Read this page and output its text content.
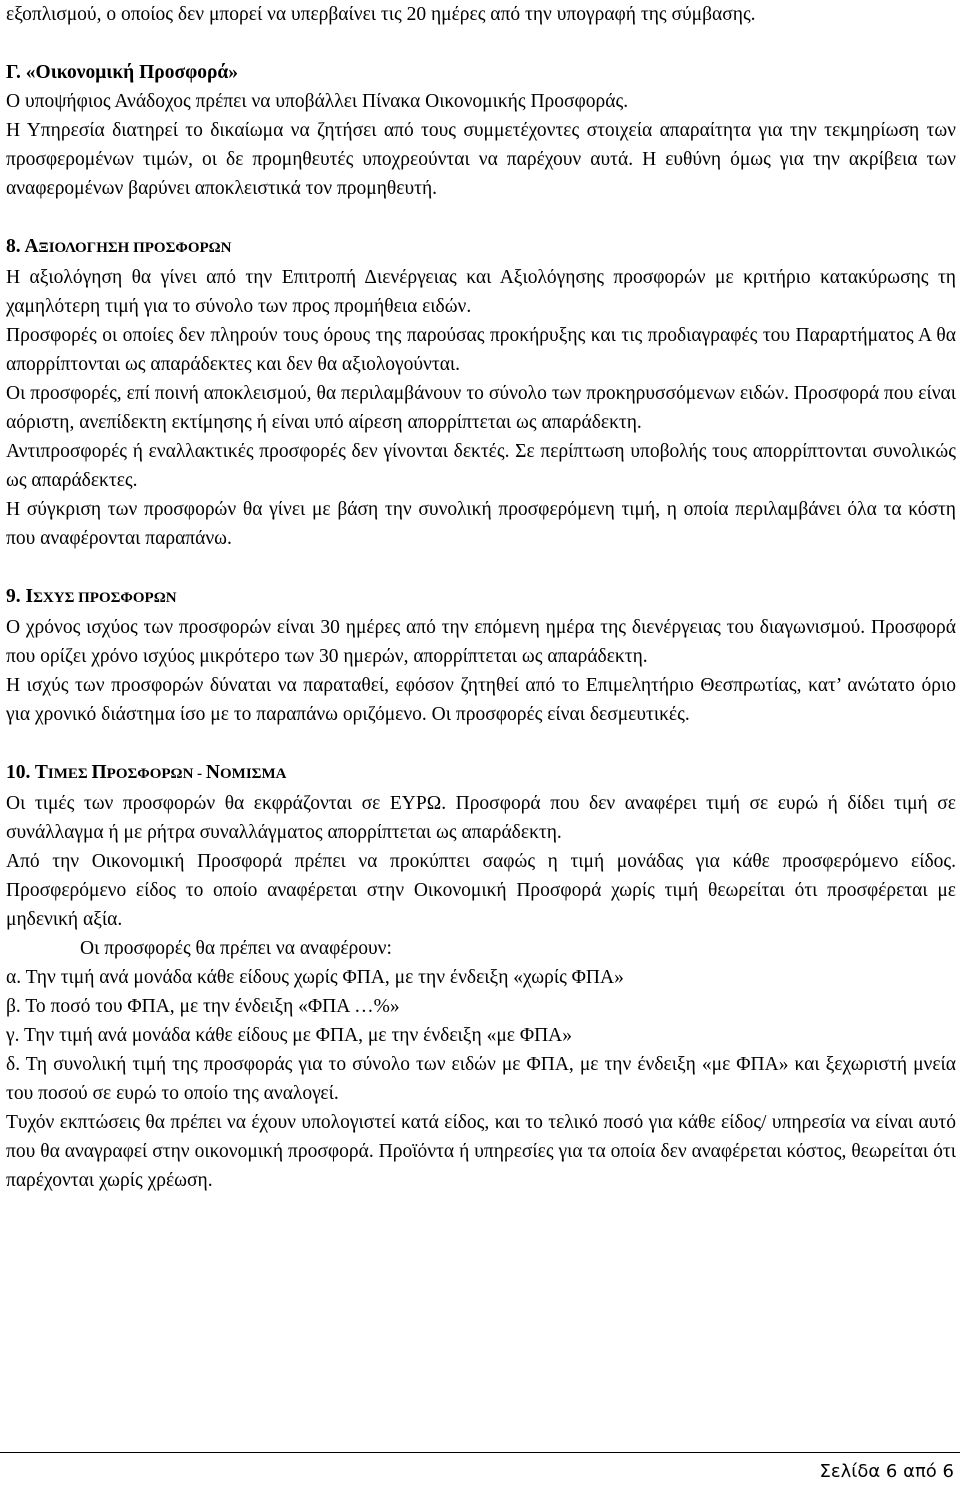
εξοπλισμού, ο οποίος δεν μπορεί να υπερβαίνει τις 20 ημέρες από την υπογραφή της σύμβασης.

Γ. «Οικονομική Προσφορά»

Ο υποψήφιος Ανάδοχος πρέπει να υποβάλλει Πίνακα Οικονομικής Προσφοράς.

Η Υπηρεσία διατηρεί το δικαίωμα να ζητήσει από τους συμμετέχοντες στοιχεία απαραίτητα για την τεκμηρίωση των προσφερομένων τιμών, οι δε προμηθευτές υποχρεούνται να παρέχουν αυτά. Η ευθύνη όμως για την ακρίβεια των αναφερομένων βαρύνει αποκλειστικά τον προμηθευτή.

8. ΑΞΙΟΛΟΓΗΣΗ ΠΡΟΣΦΟΡΩΝ

Η αξιολόγηση θα γίνει από την Επιτροπή Διενέργειας και Αξιολόγησης προσφορών με κριτήριο κατακύρωσης τη χαμηλότερη τιμή για το σύνολο των προς προμήθεια ειδών.

Προσφορές οι οποίες δεν πληρούν τους όρους της παρούσας προκήρυξης και τις προδιαγραφές του Παραρτήματος Α θα απορρίπτονται ως απαράδεκτες και δεν θα αξιολογούνται.

Οι προσφορές, επί ποινή αποκλεισμού, θα περιλαμβάνουν το σύνολο των προκηρυσσόμενων ειδών. Προσφορά που είναι αόριστη, ανεπίδεκτη εκτίμησης ή είναι υπό αίρεση απορρίπτεται ως απαράδεκτη.

Αντιπροσφορές ή εναλλακτικές προσφορές δεν γίνονται δεκτές. Σε περίπτωση υποβολής τους απορρίπτονται συνολικώς ως απαράδεκτες.

Η σύγκριση των προσφορών θα γίνει με βάση την συνολική προσφερόμενη τιμή, η οποία περιλαμβάνει όλα τα κόστη που αναφέρονται παραπάνω.

9. ΙΣΧΥΣ ΠΡΟΣΦΟΡΩΝ

Ο χρόνος ισχύος των προσφορών είναι 30 ημέρες από την επόμενη ημέρα της διενέργειας του διαγωνισμού. Προσφορά που ορίζει χρόνο ισχύος μικρότερο των 30 ημερών, απορρίπτεται ως απαράδεκτη.

Η ισχύς των προσφορών δύναται να παραταθεί, εφόσον ζητηθεί από το Επιμελητήριο Θεσπρωτίας, κατ’ ανώτατο όριο για χρονικό διάστημα ίσο με το παραπάνω οριζόμενο. Οι προσφορές είναι δεσμευτικές.

10. ΤΙΜΕΣ ΠΡΟΣΦΟΡΩΝ - ΝΟΜΙΣΜΑ

Οι τιμές των προσφορών θα εκφράζονται σε ΕΥΡΩ. Προσφορά που δεν αναφέρει τιμή σε ευρώ ή δίδει τιμή σε συνάλλαγμα ή με ρήτρα συναλλάγματος απορρίπτεται ως απαράδεκτη.

Από την Οικονομική Προσφορά πρέπει να προκύπτει σαφώς η τιμή μονάδας για κάθε προσφερόμενο είδος. Προσφερόμενο είδος το οποίο αναφέρεται στην Οικονομική Προσφορά χωρίς τιμή θεωρείται ότι προσφέρεται με μηδενική αξία.

Οι προσφορές θα πρέπει να αναφέρουν:

α. Την τιμή ανά μονάδα κάθε είδους χωρίς ΦΠΑ, με την ένδειξη «χωρίς ΦΠΑ»

β. Το ποσό του ΦΠΑ, με την ένδειξη «ΦΠΑ …%»

γ. Την τιμή ανά μονάδα κάθε είδους με ΦΠΑ, με την ένδειξη «με ΦΠΑ»

δ. Τη συνολική τιμή της προσφοράς για το σύνολο των ειδών με ΦΠΑ, με την ένδειξη «με ΦΠΑ» και ξεχωριστή μνεία του ποσού σε ευρώ το οποίο της αναλογεί.

Τυχόν εκπτώσεις θα πρέπει να έχουν υπολογιστεί κατά είδος, και το τελικό ποσό για κάθε είδος/ υπηρεσία να είναι αυτό που θα αναγραφεί στην οικονομική προσφορά. Προϊόντα ή υπηρεσίες για τα οποία δεν αναφέρεται κόστος, θεωρείται ότι παρέχονται χωρίς χρέωση.

Σελίδα 6 από 6
